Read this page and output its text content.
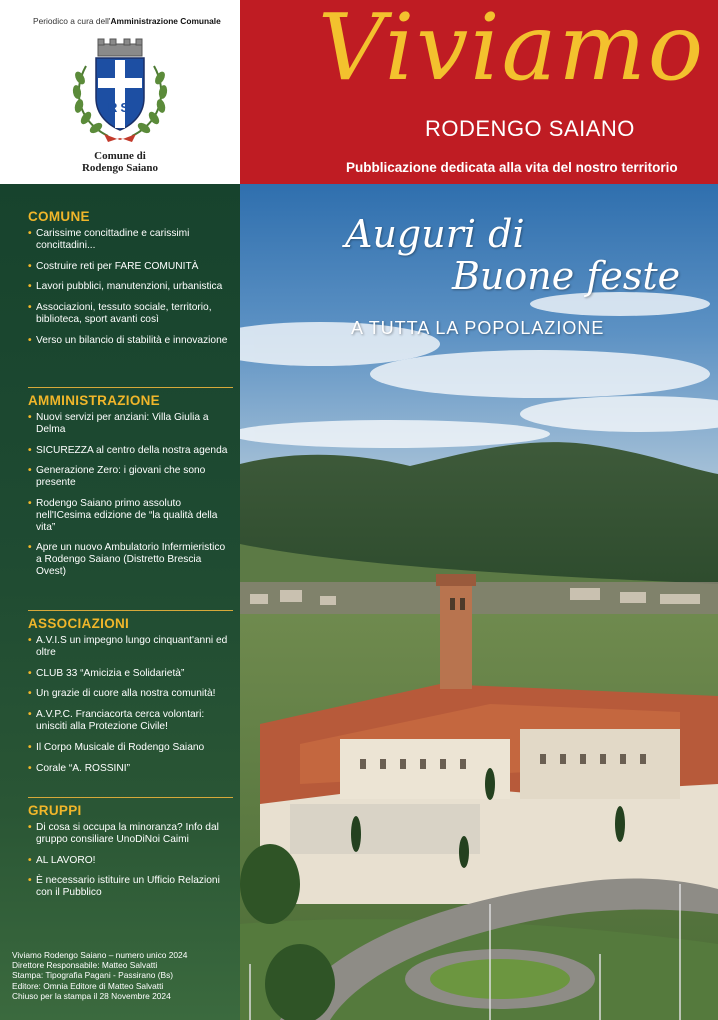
Periodico a cura dell'Amministrazione Comunale
RS
Comune di
Rodengo Saiano
Viviamo
RODENGO SAIANO
Pubblicazione dedicata alla vita del nostro territorio
COMUNE
• Carissime concittadine e carissimi concittadini...
• Costruire reti per FARE COMUNITÀ
• Lavori pubblici, manutenzioni, urbanistica
• Associazioni, tessuto sociale, territorio, biblioteca, sport avanti così
• Verso un bilancio di stabilità e innovazione
AMMINISTRAZIONE
• Nuovi servizi per anziani: Villa Giulia a Delma
• SICUREZZA al centro della nostra agenda
• Generazione Zero: i giovani che sono presente
• Rodengo Saiano primo assoluto nell'ICesima edizione de “la qualità della vita”
• Apre un nuovo Ambulatorio Infermieristico a Rodengo Saiano (Distretto Brescia Ovest)
ASSOCIAZIONI
• A.V.I.S un impegno lungo cinquant'anni ed oltre
• CLUB 33 “Amicizia e Solidarietà”
• Un grazie di cuore alla nostra comunità!
• A.V.P.C. Franciacorta cerca volontari: unisciti alla Protezione Civile!
• Il Corpo Musicale di Rodengo Saiano
• Corale “A. ROSSINI”
GRUPPI
• Di cosa si occupa la minoranza? Info dal gruppo consiliare UnoDiNoi Caimi
• AL LAVORO!
• È necessario istituire un Ufficio Relazioni con il Pubblico
Viviamo Rodengo Saiano – numero unico 2024
Direttore Responsabile: Matteo Salvatti
Stampa: Tipografia Pagani - Passirano (Bs)
Editore: Omnia Editore di Matteo Salvatti
Chiuso per la stampa il 28 Novembre 2024
Auguri di
Buone feste
A TUTTA LA POPOLAZIONE
